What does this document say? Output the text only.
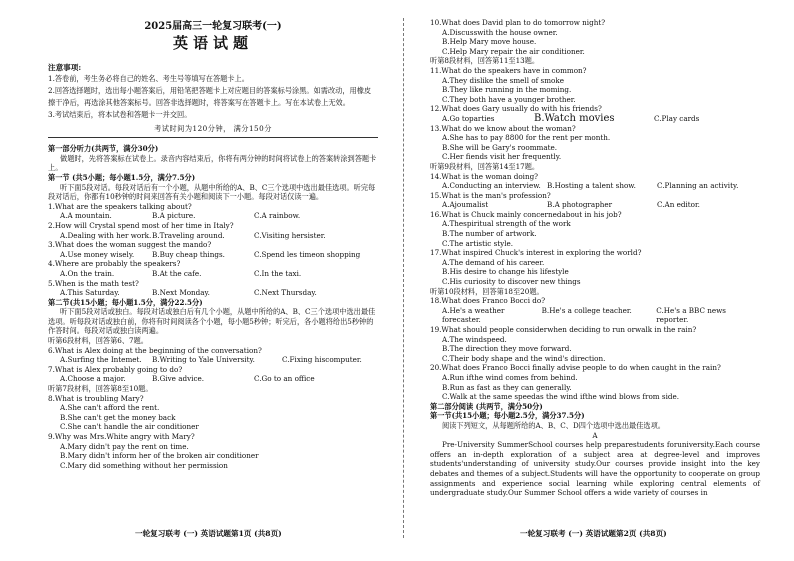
2025届高三一轮复习联考(一)
英语试题
注意事项:
1.答卷前，考生务必将自己的姓名、考生号等填写在答题卡上。
2.回答选择题时，选出每小题答案后，用铅笔把答题卡上对应题目的答案标号涂黑。如需改动，用橡皮擦干净后，再选涂其他答案标号。回答非选择题时，将答案写在答题卡上。写在本试卷上无效。
3.考试结束后，将本试卷和答题卡一并交回。
考试时间为120分钟， 满分150分
第一部分听力(共两节，满分30分)
做题时，先将答案标在试卷上。录音内容结束后，你将有两分钟的时间将试卷上的答案转涂到答题卡上。
第一节 (共5小题；每小题1.5分，满分7.5分)
听下面5段对话。每段对话后有一个小题，从题中所给的A、B、C三个选项中选出最佳选项。听完每段对话后，你都有10秒钟的时间来回答有关小题和阅读下一小题。每段对话仅读一遍。
1.What are the speakers talking about?
A.A mountain.	B.A picture.	C.A rainbow.
2.How will Crystal spend most of her time in Italy?
A.Dealing with her work. B.Traveling around.	C.Visiting hersister.
3.What does the woman suggest the mando?
A.Use money wisely.	B.Buy cheap things.	C.Spend les timeon shopping
4.Where are probably the speakers?
A.On the train.	B.At the cafe.	C.In the taxi.
5.When is the math test?
A.This Saturday.	B.Next Monday.	C.Next Thursday.
第二节(共15小题；每小题1.5分，满分22.5分)
听下面5段对话或独白。每段对话或独白后有几个小题，从题中所给的A、B、C三个选项中选出最佳选项。听每段对话或独白前，你将有时间阅读各个小题，每小题5秒钟；听完后，各小题将给出5秒钟的作答时间。每段对话或独白读两遍。
听第6段材料，回答第6、7题。
6.What is Alex doing at the beginning of the conversation?
A.Surfing the Intemet.	B.Writing to Yale University.	C.Fixing hiscomputer.
7.What is Alex probably going to do?
A.Choose a major.	B.Give advice.	C.Go to an office
听第7段材料，回答第8至10题。
8.What is troubling Mary?
A.She can't afford the rent.
B.She can't get the money back
C.She can't handle the air conditioner
9.Why was Mrs.White angry with Mary?
A.Mary didn't pay the rent on time.
B.Mary didn't inform her of the broken air conditioner
C.Mary did something without her permission
10.What does David plan to do tomorrow night?
A.Discusswith the house owner.
B.Help Mary move house.
C.Help Mary repair the air conditioner.
听第8段材料，回答第11至13题。
11.What do the speakers have in common?
A.They dislike the smell of smoke
B.They like running in the moming.
C.They both have a younger brother.
12.What does Gary usually do with his friends?
A.Go toparties	B.Watch movies	C.Play cards
13.What do we know about the woman?
A.She has to pay 8800 for the rent per month.
B.She will be Gary's roommate.
C.Her fiends visit her frequently.
听第9段材料，回答第14至17题。
14.What is the woman doing?
A.Conducting an interview. B.Hosting a talent show.	C.Planning an activity.
15.What is the man's profession?
A.Ajoumalist	B.A photographer	C.An editor.
16.What is Chuck mainly concernedabout in his job?
A.Thespiritual strength of the work
B.The number of artwork.
C.The artistic style.
17.What inspired Chuck's interest in exploring the world?
A.The demand of his career.
B.His desire to change his lifestyle
C.His curiosity to discover new things
听第10段材料，回答第18至20题。
18.What does Franco Bocci do?
A.He's a weather forecaster.
B.He's a college teacher.	C.He's a BBC news reporter.
19.What should people considerwhen deciding to run orwalk in the rain?
A.The windspeed.
B.The direction they move forward.
C.Their body shape and the wind's direction.
20.What does Franco Bocci finally advise people to do when caught in the rain?
A.Run ifthe wind comes from behind.
B.Run as fast as they can generally.
C.Walk at the same speedas the wind ifthe wind blows from side.
第二部分阅读 (共两节，满分50分)
第一节(共15小题；每小题2.5分，满分37.5分)
阅读下列短文，从每题所给的A、B、C、D四个选项中选出最佳选项。
A
Pre-University SummerSchool courses help preparestudents foruniversity.Each course offers an in-depth exploration of a subject area at degree-level and improves students'understanding of university study.Our courses provide insight into the key debates and themes of a subject.Students will have the opportunity to cooperate on group assignments and experience social learning while exploring central elements of undergraduate study.Our Summer School offers a wide variety of courses in
一轮复习联考 (一) 英语试题第1页 (共8页)	一轮复习联考 (一) 英语试题第2页 (共8页)
